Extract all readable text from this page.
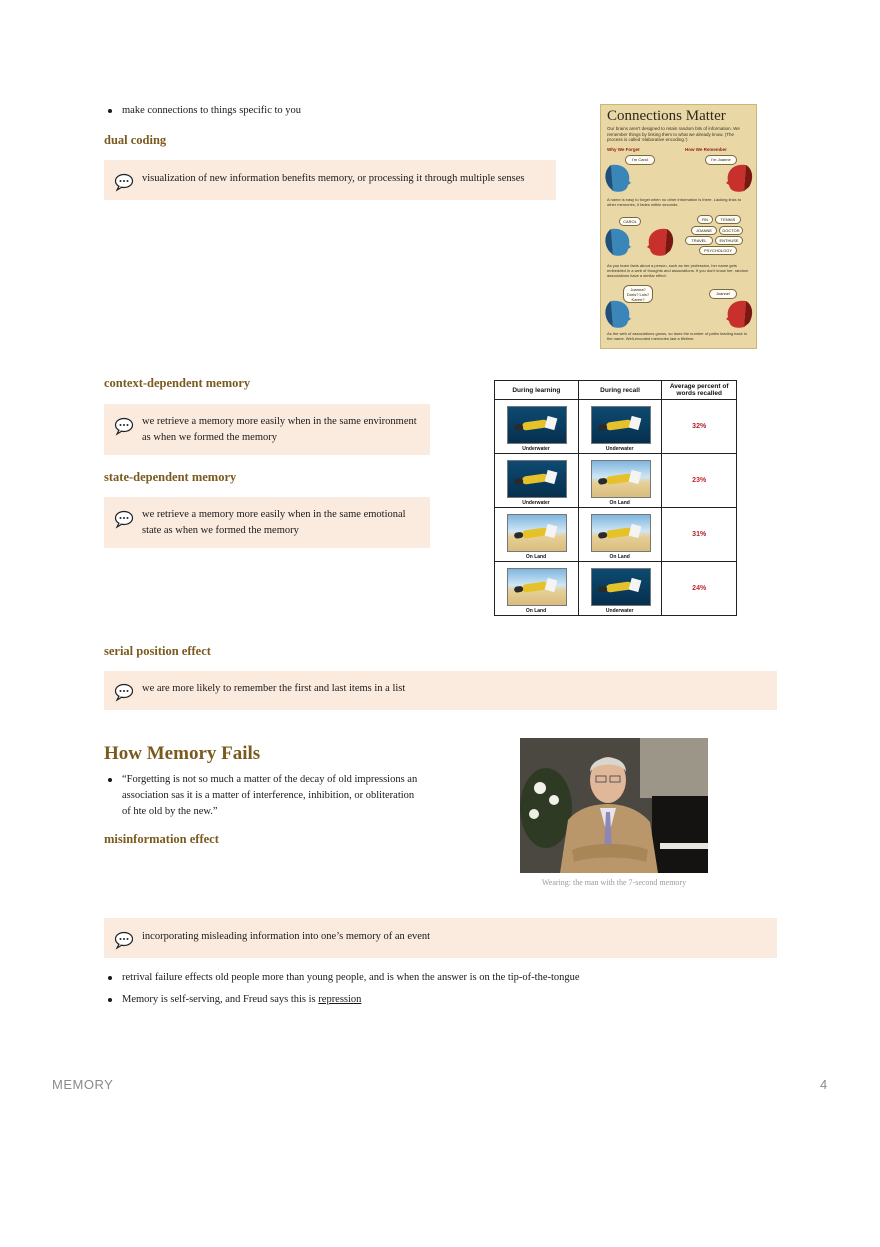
make connections to things specific to you
dual coding
visualization of new information benefits memory, or processing it through multiple senses
Connections Matter
Our brains aren't designed to retain random bits of information. We remember things by linking them to what we already know. (The process is called 'elaborative encoding.')
Why We Forget	How We Remember
I'm Carol	I'm Joanne
A name is easy to forget when no other information is there. Lacking links to other memories, it fades within seconds.
CAROL	RN	TENNIS
JOANNE	DOCTOR
TRAVEL	ENTHUSE
PSYCHOLOGY
As you learn facts about a person, such as her profession, her name gets embedded in a web of thoughts and associations. If you don't know her, random associations have a similar effect.
Joanna? Doris? Lois? Karen?
Joanne!
As the web of associations grows, so does the number of paths leading back to the name. Well-encoded memories last a lifetime.
context-dependent memory
we retrieve a memory more easily when in the same environment as when we formed the memory
state-dependent memory
we retrieve a memory more easily when in the same emotional state as when we formed the memory
During learning	During recall	Average percent of words recalled

Underwater	Underwater	32%

Underwater	On Land	23%

On Land	On Land	31%

On Land	Underwater	24%
serial position effect
we are more likely to remember the first and last items in a list
How Memory Fails
“Forgetting is not so much a matter of the decay of old impressions an association sas it is a matter of interference, inhibition, or obliteration of hte old by the new.”
Wearing: the man with the 7-second memory
misinformation effect
incorporating misleading information into one’s memory of an event
retrival failure effects old people more than young people, and is when the answer is on the tip-of-the-tongue
Memory is self-serving, and Freud says this is repression
MEMORY	4
